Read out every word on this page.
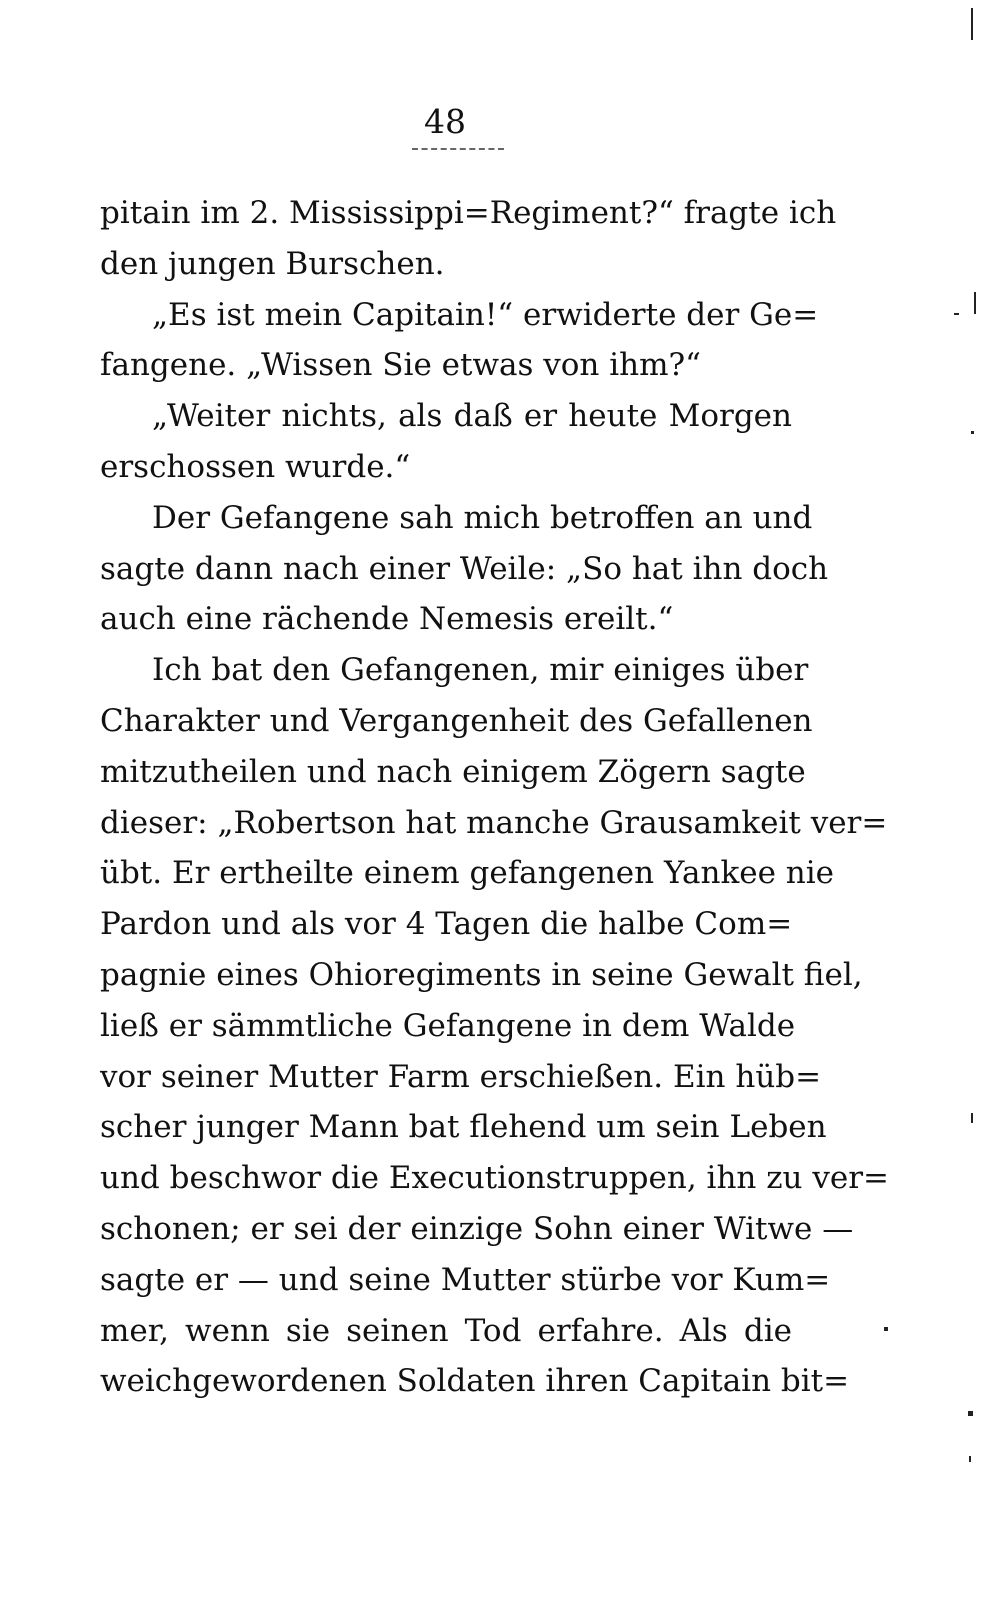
48
pitain im 2. Mississippi=Regiment?“ fragte ich
den jungen Burschen.
„Es ist mein Capitain!“ erwiderte der Ge=
fangene. „Wissen Sie etwas von ihm?“
„Weiter nichts, als daß er heute Morgen
erschossen wurde.“
Der Gefangene sah mich betroffen an und
sagte dann nach einer Weile: „So hat ihn doch
auch eine rächende Nemesis ereilt.“
Ich bat den Gefangenen, mir einiges über
Charakter und Vergangenheit des Gefallenen
mitzutheilen und nach einigem Zögern sagte
dieser: „Robertson hat manche Grausamkeit ver=
übt. Er ertheilte einem gefangenen Yankee nie
Pardon und als vor 4 Tagen die halbe Com=
pagnie eines Ohioregiments in seine Gewalt fiel,
ließ er sämmtliche Gefangene in dem Walde
vor seiner Mutter Farm erschießen. Ein hüb=
scher junger Mann bat flehend um sein Leben
und beschwor die Executionstruppen, ihn zu ver=
schonen; er sei der einzige Sohn einer Witwe —
sagte er — und seine Mutter stürbe vor Kum=
mer, wenn sie seinen Tod erfahre. Als die
weichgewordenen Soldaten ihren Capitain bit=
